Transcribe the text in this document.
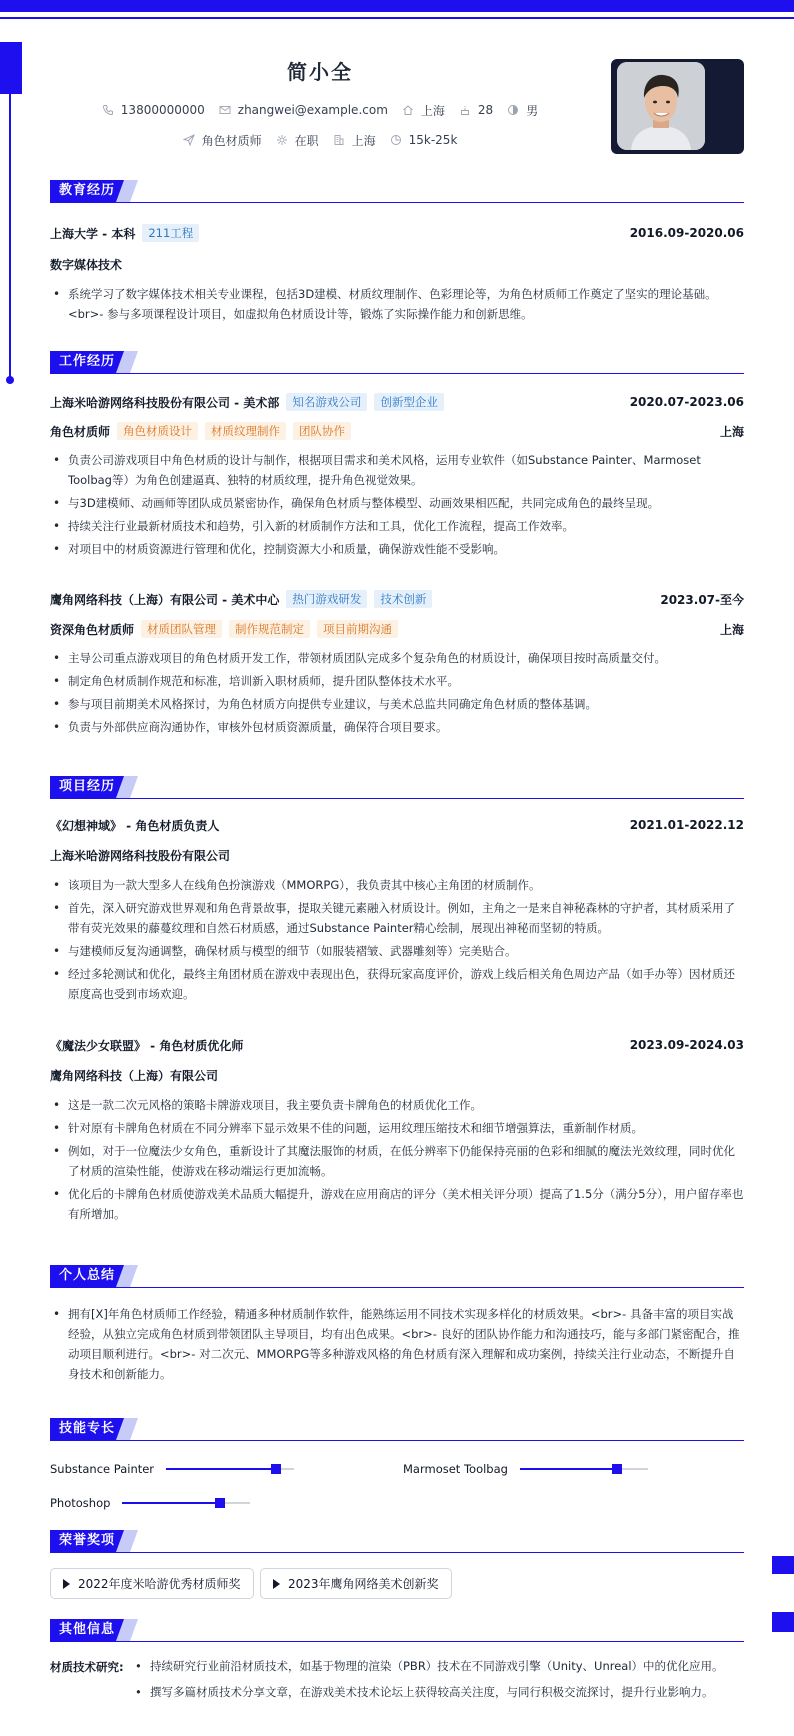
简小全
13800000000	zhangwei@example.com	上海	28	男
角色材质师	在职	上海	15k-25k
教育经历
上海大学 - 本科	211工程	2016.09-2020.06
数字媒体技术
• 系统学习了数字媒体技术相关专业课程，包括3D建模、材质纹理制作、色彩理论等，为角色材质师工作奠定了坚实的理论基础。<br>- 参与多项课程设计项目，如虚拟角色材质设计等，锻炼了实际操作能力和创新思维。
工作经历
上海米哈游网络科技股份有限公司 - 美术部	知名游戏公司	创新型企业	2020.07-2023.06
角色材质师	角色材质设计	材质纹理制作	团队协作	上海
• 负责公司游戏项目中角色材质的设计与制作，根据项目需求和美术风格，运用专业软件（如Substance Painter、Marmoset Toolbag等）为角色创建逼真、独特的材质纹理，提升角色视觉效果。
• 与3D建模师、动画师等团队成员紧密协作，确保角色材质与整体模型、动画效果相匹配，共同完成角色的最终呈现。
• 持续关注行业最新材质技术和趋势，引入新的材质制作方法和工具，优化工作流程，提高工作效率。
• 对项目中的材质资源进行管理和优化，控制资源大小和质量，确保游戏性能不受影响。
鹰角网络科技（上海）有限公司 - 美术中心	热门游戏研发	技术创新	2023.07-至今
资深角色材质师	材质团队管理	制作规范制定	项目前期沟通	上海
• 主导公司重点游戏项目的角色材质开发工作，带领材质团队完成多个复杂角色的材质设计，确保项目按时高质量交付。
• 制定角色材质制作规范和标准，培训新入职材质师，提升团队整体技术水平。
• 参与项目前期美术风格探讨，为角色材质方向提供专业建议，与美术总监共同确定角色材质的整体基调。
• 负责与外部供应商沟通协作，审核外包材质资源质量，确保符合项目要求。
项目经历
《幻想神域》 - 角色材质负责人	2021.01-2022.12
上海米哈游网络科技股份有限公司
• 该项目为一款大型多人在线角色扮演游戏（MMORPG），我负责其中核心主角团的材质制作。
• 首先，深入研究游戏世界观和角色背景故事，提取关键元素融入材质设计。例如，主角之一是来自神秘森林的守护者，其材质采用了带有荧光效果的藤蔓纹理和自然石材质感，通过Substance Painter精心绘制，展现出神秘而坚韧的特质。
• 与建模师反复沟通调整，确保材质与模型的细节（如服装褶皱、武器雕刻等）完美贴合。
• 经过多轮测试和优化，最终主角团材质在游戏中表现出色，获得玩家高度评价，游戏上线后相关角色周边产品（如手办等）因材质还原度高也受到市场欢迎。
《魔法少女联盟》 - 角色材质优化师	2023.09-2024.03
鹰角网络科技（上海）有限公司
• 这是一款二次元风格的策略卡牌游戏项目，我主要负责卡牌角色的材质优化工作。
• 针对原有卡牌角色材质在不同分辨率下显示效果不佳的问题，运用纹理压缩技术和细节增强算法，重新制作材质。
• 例如，对于一位魔法少女角色，重新设计了其魔法服饰的材质，在低分辨率下仍能保持亮丽的色彩和细腻的魔法光效纹理，同时优化了材质的渲染性能，使游戏在移动端运行更加流畅。
• 优化后的卡牌角色材质使游戏美术品质大幅提升，游戏在应用商店的评分（美术相关评分项）提高了1.5分（满分5分），用户留存率也有所增加。
个人总结
• 拥有[X]年角色材质师工作经验，精通多种材质制作软件，能熟练运用不同技术实现多样化的材质效果。<br>- 具备丰富的项目实战经验，从独立完成角色材质到带领团队主导项目，均有出色成果。<br>- 良好的团队协作能力和沟通技巧，能与多部门紧密配合，推动项目顺利进行。<br>- 对二次元、MMORPG等多种游戏风格的角色材质有深入理解和成功案例，持续关注行业动态，不断提升自身技术和创新能力。
技能专长
Substance Painter	Marmoset Toolbag
Photoshop
荣誉奖项
2022年度米哈游优秀材质师奖	2023年鹰角网络美术创新奖
其他信息
材质技术研究:
•	持续研究行业前沿材质技术，如基于物理的渲染（PBR）技术在不同游戏引擎（Unity、Unreal）中的优化应用。
• 撰写多篇材质技术分享文章，在游戏美术技术论坛上获得较高关注度，与同行积极交流探讨，提升行业影响力。
